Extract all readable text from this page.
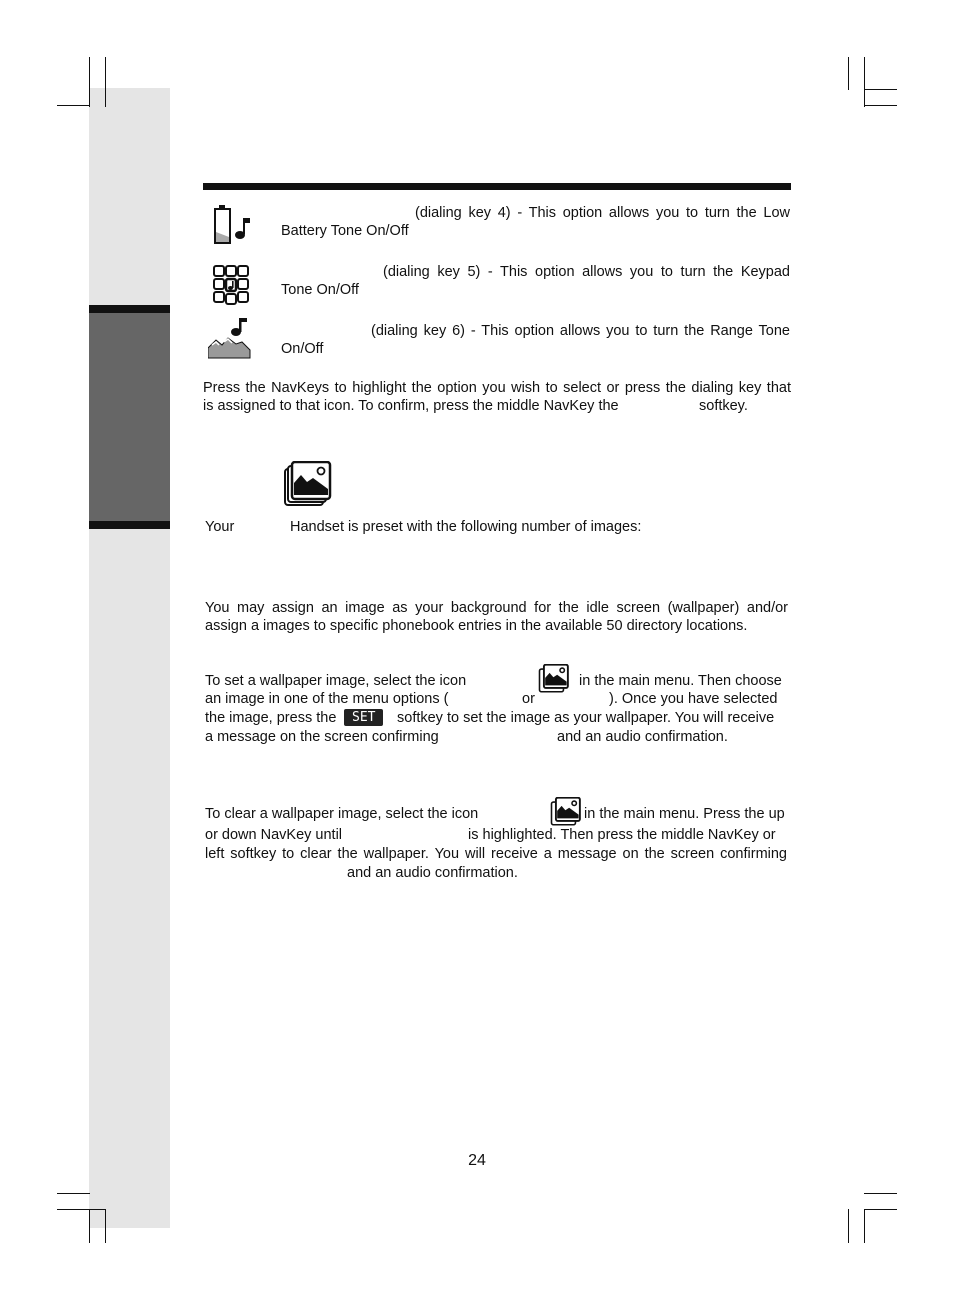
(dialing key 4) - This option allows you to turn the Low
Battery Tone On/Off
(dialing key 5) - This option allows you to turn the Keypad
Tone On/Off
(dialing key 6) - This option allows you to turn the Range Tone
On/Off
Press the NavKeys to highlight the option you wish to select or press the dialing key that
is assigned to that icon. To confirm, press the middle NavKey the	softkey.
Your	Handset is preset with the following number of images:
You may assign an image as your background for the idle screen (wallpaper) and/or
assign a images to specific phonebook entries in the available 50 directory locations.
To set a wallpaper image, select the icon	in the main menu. Then choose
an image in one of the menu options (	or	). Once you have selected
the image, press the	SET	softkey to set the image as your wallpaper. You will receive
a message on the screen confirming	and an audio confirmation.
To clear a wallpaper image, select the icon	in the main menu. Press the up
or down NavKey until	is highlighted. Then press the middle NavKey or
left softkey to clear the wallpaper. You will receive a message on the screen confirming
and an audio confirmation.
24
